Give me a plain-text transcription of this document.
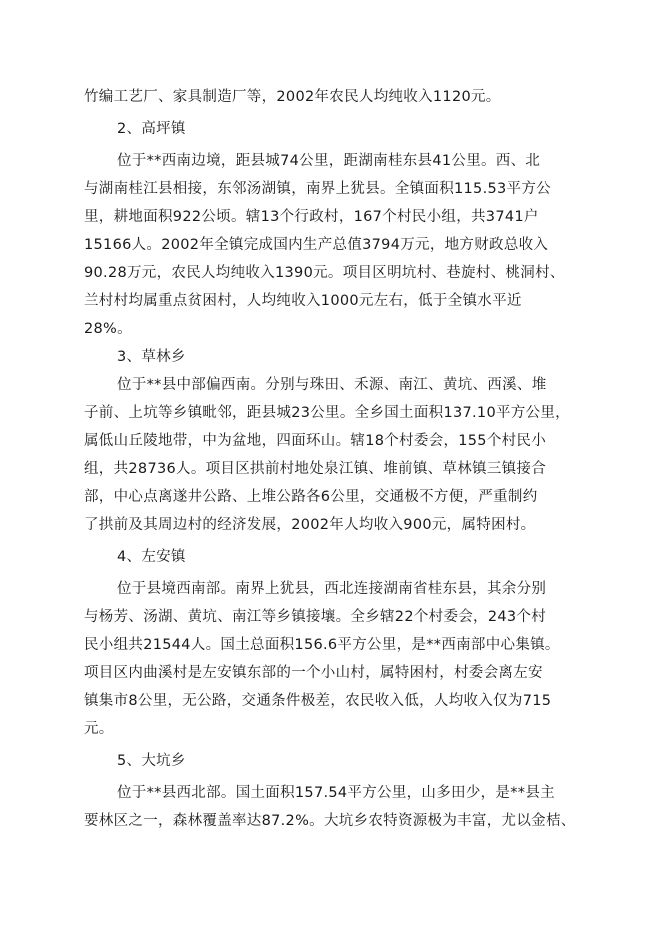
竹编工艺厂、家具制造厂等，2002年农民人均纯收入1120元。
2、高坪镇
位于**西南边境，距县城74公里，距湖南桂东县41公里。西、北
与湖南桂江县相接，东邻汤湖镇，南界上犹县。全镇面积115.53平方公
里，耕地面积922公顷。辖13个行政村，167个村民小组，共3741户
15166人。2002年全镇完成国内生产总值3794万元，地方财政总收入
90.28万元，农民人均纯收入1390元。项目区明坑村、巷旋村、桃洞村、
兰村村均属重点贫困村，人均纯收入1000元左右，低于全镇水平近
28%。
3、草林乡
位于**县中部偏西南。分别与珠田、禾源、南江、黄坑、西溪、堆
子前、上坑等乡镇毗邻，距县城23公里。全乡国土面积137.10平方公里，
属低山丘陵地带，中为盆地，四面环山。辖18个村委会，155个村民小
组，共28736人。项目区拱前村地处泉江镇、堆前镇、草林镇三镇接合
部，中心点离遂井公路、上堆公路各6公里，交通极不方便，严重制约
了拱前及其周边村的经济发展，2002年人均收入900元，属特困村。
4、左安镇
位于县境西南部。南界上犹县，西北连接湖南省桂东县，其余分别
与杨芳、汤湖、黄坑、南江等乡镇接壤。全乡辖22个村委会，243个村
民小组共21544人。国土总面积156.6平方公里，是**西南部中心集镇。
项目区内曲溪村是左安镇东部的一个小山村，属特困村，村委会离左安
镇集市8公里，无公路，交通条件极差，农民收入低，人均收入仅为715
元。
5、大坑乡
位于**县西北部。国土面积157.54平方公里，山多田少，是**县主
要林区之一，森林覆盖率达87.2%。大坑乡农特资源极为丰富，尤以金桔、
